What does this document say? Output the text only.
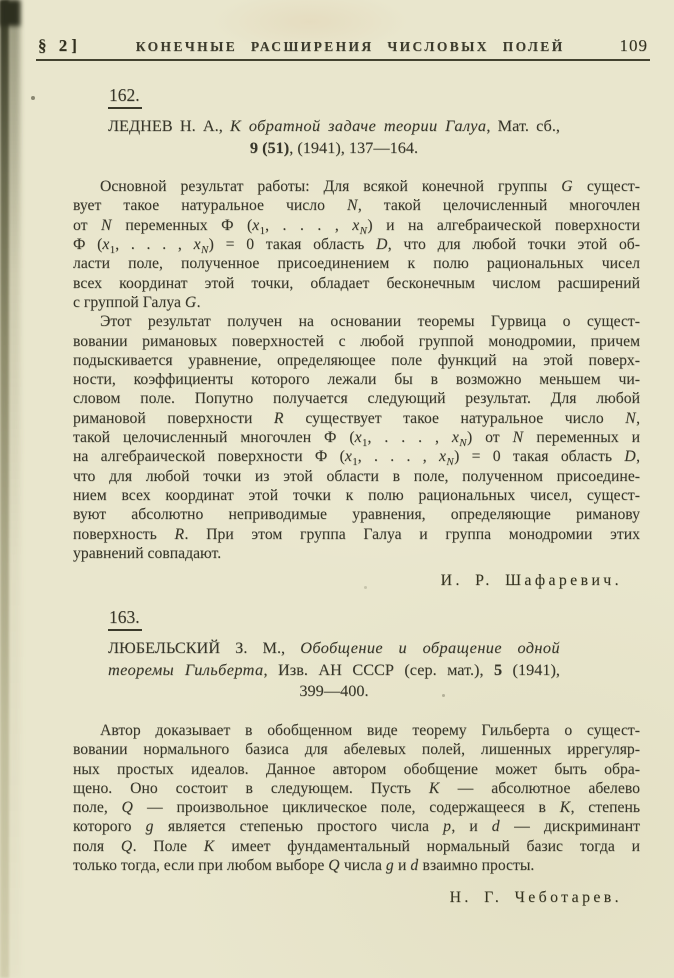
§ 2]	КОНЕЧНЫЕ РАСШИРЕНИЯ ЧИСЛОВЫХ ПОЛЕЙ	109
162.
ЛЕДНЕВ Н. А., К обратной задаче теории Галуа, Мат. сб.,
9 (51), (1941), 137—164.
Основной результат работы: Для всякой конечной группы G сущест-
вует такое натуральное число N, такой целочисленный многочлен
от N переменных Ф ($x_1$, . . . , $x_N$) и на алгебраической поверхности
Ф ($x_1$, . . . , $x_N) = 0$ такая область D, что для любой точки этой об-
ласти поле, полученное присоединением к полю рациональных чисел
всех координат этой точки, обладает бесконечным числом расширений
с группой Галуа G.
Этот результат получен на основании теоремы Гурвица о сущест-
вовании римановых поверхностей с любой группой монодромии, причем
подыскивается уравнение, определяющее поле функций на этой поверх-
ности, коэффициенты которого лежали бы в возможно меньшем чи-
словом поле. Попутно получается следующий результат. Для любой
римановой поверхности R существует такое натуральное число N,
такой целочисленный многочлен Ф ($x_1$, . . . , $x_N$) от N переменных и
на алгебраической поверхности Ф ($x_1$, . . . , $x_N) = 0$ такая область D,
что для любой точки из этой области в поле, полученном присоедине-
нием всех координат этой точки к полю рациональных чисел, сущест-
вуют абсолютно неприводимые уравнения, определяющие риманову
поверхность R. При этом группа Галуа и группа монодромии этих
уравнений совпадают.
И. Р. Шафаревич.
163.
ЛЮБЕЛЬСКИЙ З. М., Обобщение и обращение одной
теоремы Гильберта, Изв. АН СССР (сер. мат.), 5 (1941),
399—400.
Автор доказывает в обобщенном виде теорему Гильберта о сущест-
вовании нормального базиса для абелевых полей, лишенных иррегуляр-
ных простых идеалов. Данное автором обобщение может быть обра-
щено. Оно состоит в следующем. Пусть K — абсолютное абелево
поле, Q — произвольное циклическое поле, содержащееся в K, степень
которого g является степенью простого числа p, и d — дискриминант
поля Q. Поле K имеет фундаментальный нормальный базис тогда и
только тогда, если при любом выборе Q числа g и d взаимно просты.
Н. Г. Чеботарев.
